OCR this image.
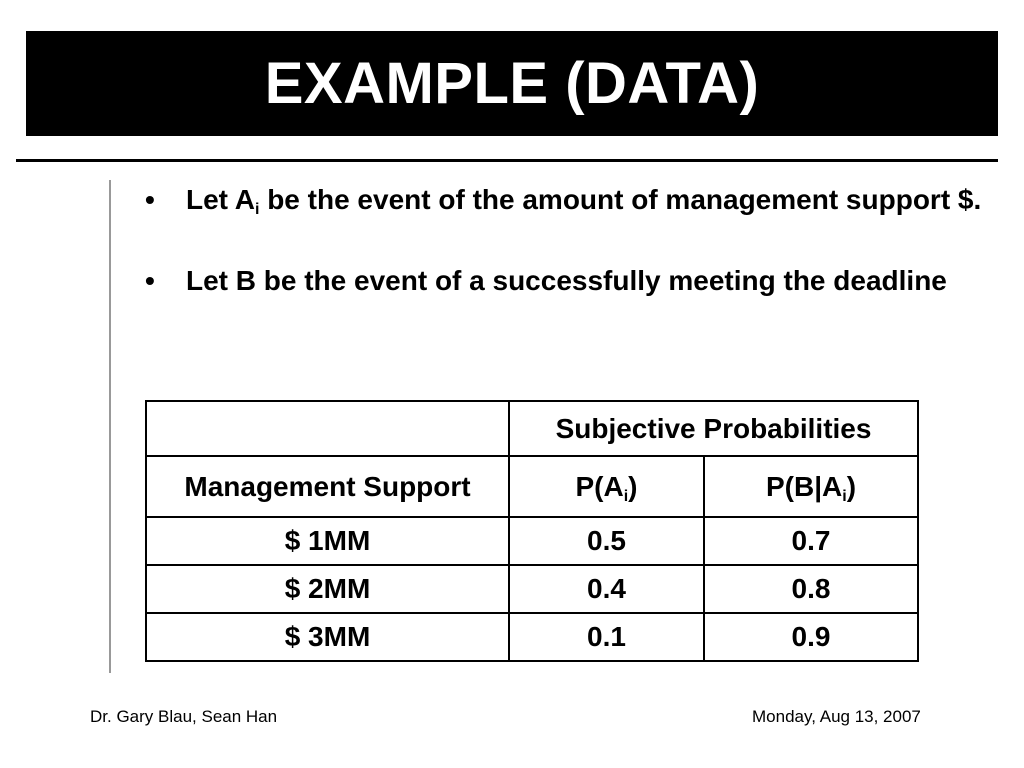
EXAMPLE (DATA)
•	Let $A_i$ be the event of the amount of management support $.
•	Let B be the event of a successfully meeting the deadline
	Subjective Probabilities	
Management Support	$P(A_i)$	$P(B|A_i)$
$ 1MM	0.5	0.7
$ 2MM	0.4	0.8
$ 3MM	0.1	0.9
Dr. Gary Blau, Sean Han	Monday, Aug 13, 2007
